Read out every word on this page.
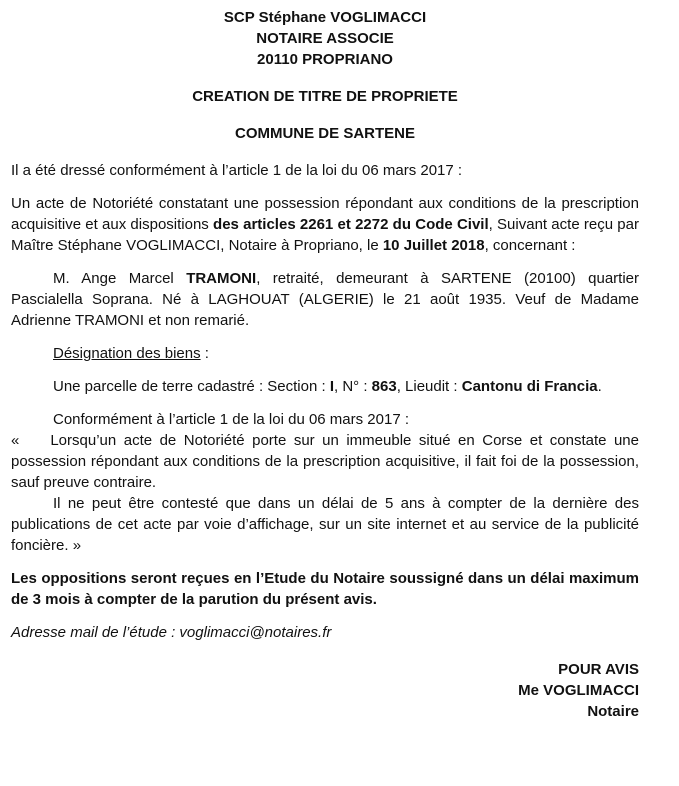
SCP Stéphane VOGLIMACCI

NOTAIRE ASSOCIE

20110 PROPRIANO

CREATION DE TITRE DE PROPRIETE

COMMUNE DE SARTENE

Il a été dressé conformément à l’article 1 de la loi du 06 mars 2017 :

Un acte de Notoriété constatant une possession répondant aux conditions de la prescription acquisitive et aux dispositions des articles 2261 et 2272 du Code Civil, Suivant acte reçu par Maître Stéphane VOGLIMACCI, Notaire à Propriano, le 10 Juillet 2018, concernant :

M. Ange Marcel TRAMONI, retraité, demeurant à SARTENE (20100) quartier Pascialella Soprana. Né à LAGHOUAT (ALGERIE) le 21 août 1935. Veuf de Madame Adrienne TRAMONI et non remarié.

Désignation des biens :

Une parcelle de terre cadastré : Section : I, N° : 863, Lieudit : Cantonu di Francia.

Conformément à l’article 1 de la loi du 06 mars 2017 :

« Lorsqu’un acte de Notoriété porte sur un immeuble situé en Corse et constate une possession répondant aux conditions de la prescription acquisitive, il fait foi de la possession, sauf preuve contraire.

Il ne peut être contesté que dans un délai de 5 ans à compter de la dernière des publications de cet acte par voie d’affichage, sur un site internet et au service de la publicité foncière. »

Les oppositions seront reçues en l’Etude du Notaire soussigné dans un délai maximum de 3 mois à compter de la parution du présent avis.

Adresse mail de l’étude : voglimacci@notaires.fr

POUR AVIS

Me VOGLIMACCI

Notaire
